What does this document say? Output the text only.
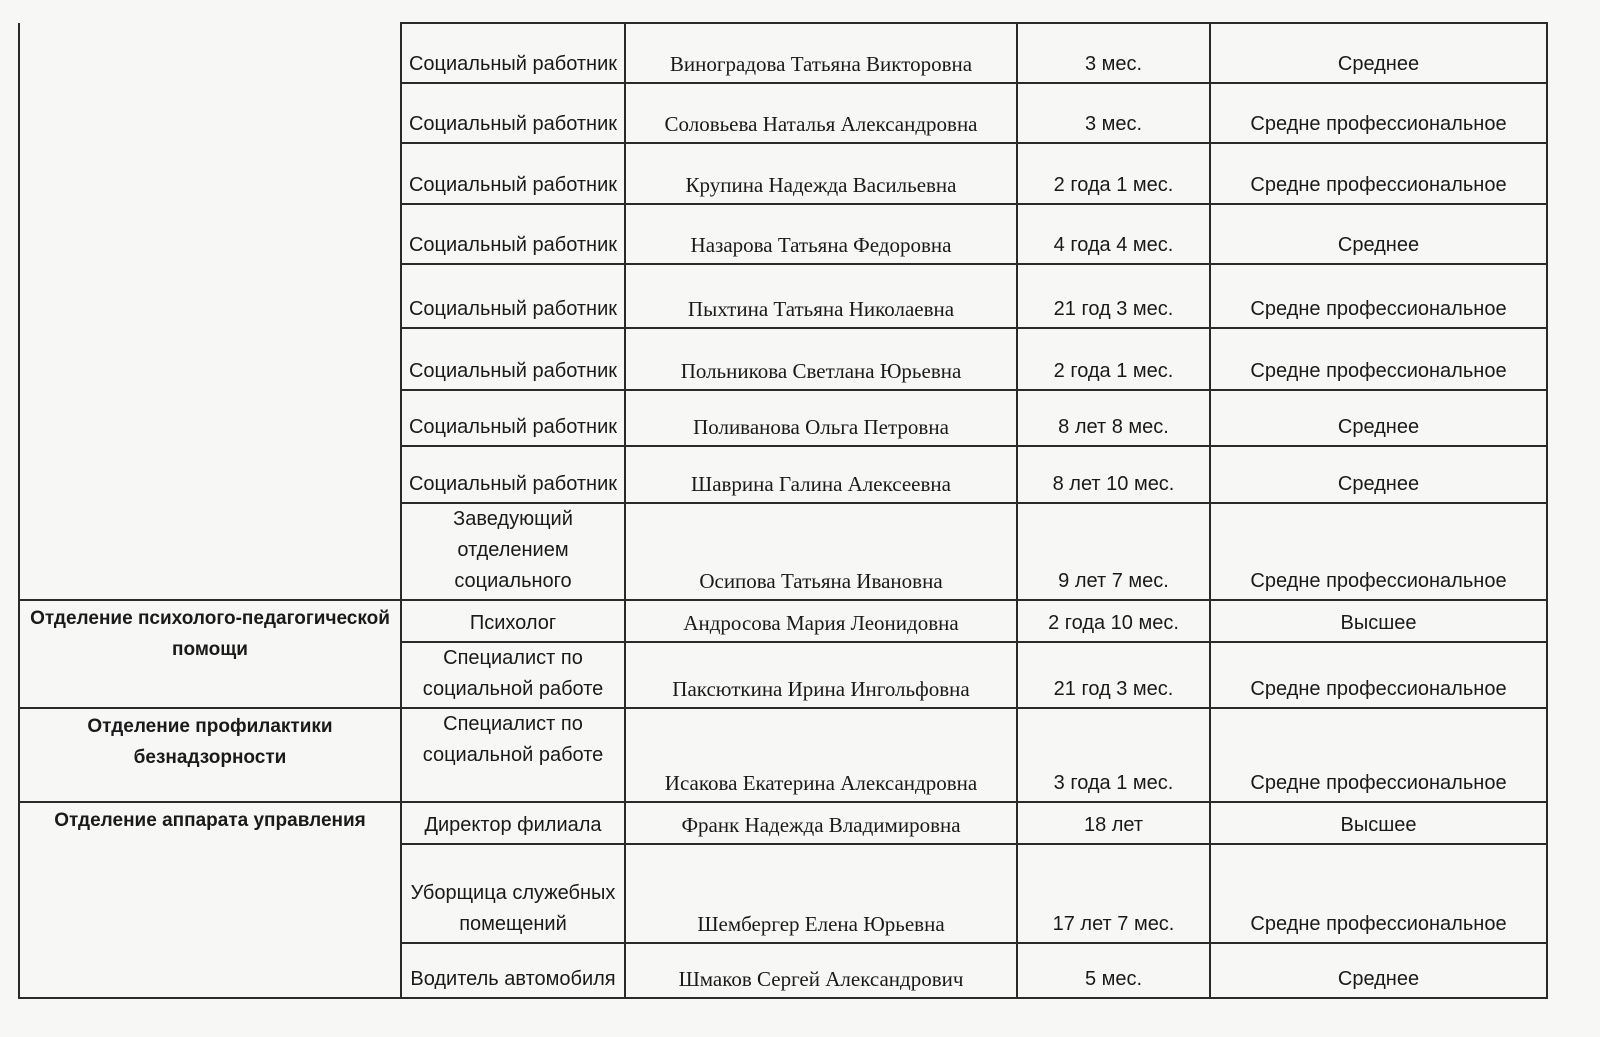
	Социальный работник	Виноградова Татьяна Викторовна	3 мес.	Среднее
	Социальный работник	Соловьева Наталья Александровна	3 мес.	Средне профессиональное
	Социальный работник	Крупина Надежда Васильевна	2 года 1 мес.	Средне профессиональное
	Социальный работник	Назарова Татьяна Федоровна	4 года 4 мес.	Среднее
	Социальный работник	Пыхтина Татьяна Николаевна	21 год 3 мес.	Средне профессиональное
	Социальный работник	Польникова Светлана Юрьевна	2 года 1 мес.	Средне профессиональное
	Социальный работник	Поливанова Ольга Петровна	8 лет 8 мес.	Среднее
	Социальный работник	Шаврина Галина Алексеевна	8 лет 10 мес.	Среднее
	Заведующий отделением социального	Осипова Татьяна Ивановна	9 лет 7 мес.	Средне профессиональное
Отделение психолого-педагогической помощи	Психолог	Андросова Мария Леонидовна	2 года 10 мес.	Высшее
	Специалист по социальной работе	Паксюткина Ирина Ингольфовна	21 год 3 мес.	Средне профессиональное
Отделение профилактики безнадзорности	Специалист по социальной работе	Исакова Екатерина Александровна	3 года 1 мес.	Средне профессиональное
Отделение аппарата управления	Директор филиала	Франк Надежда Владимировна	18 лет	Высшее
	Уборщица служебных помещений	Шембергер Елена Юрьевна	17 лет 7 мес.	Средне профессиональное
	Водитель автомобиля	Шмаков Сергей Александрович	5 мес.	Среднее
